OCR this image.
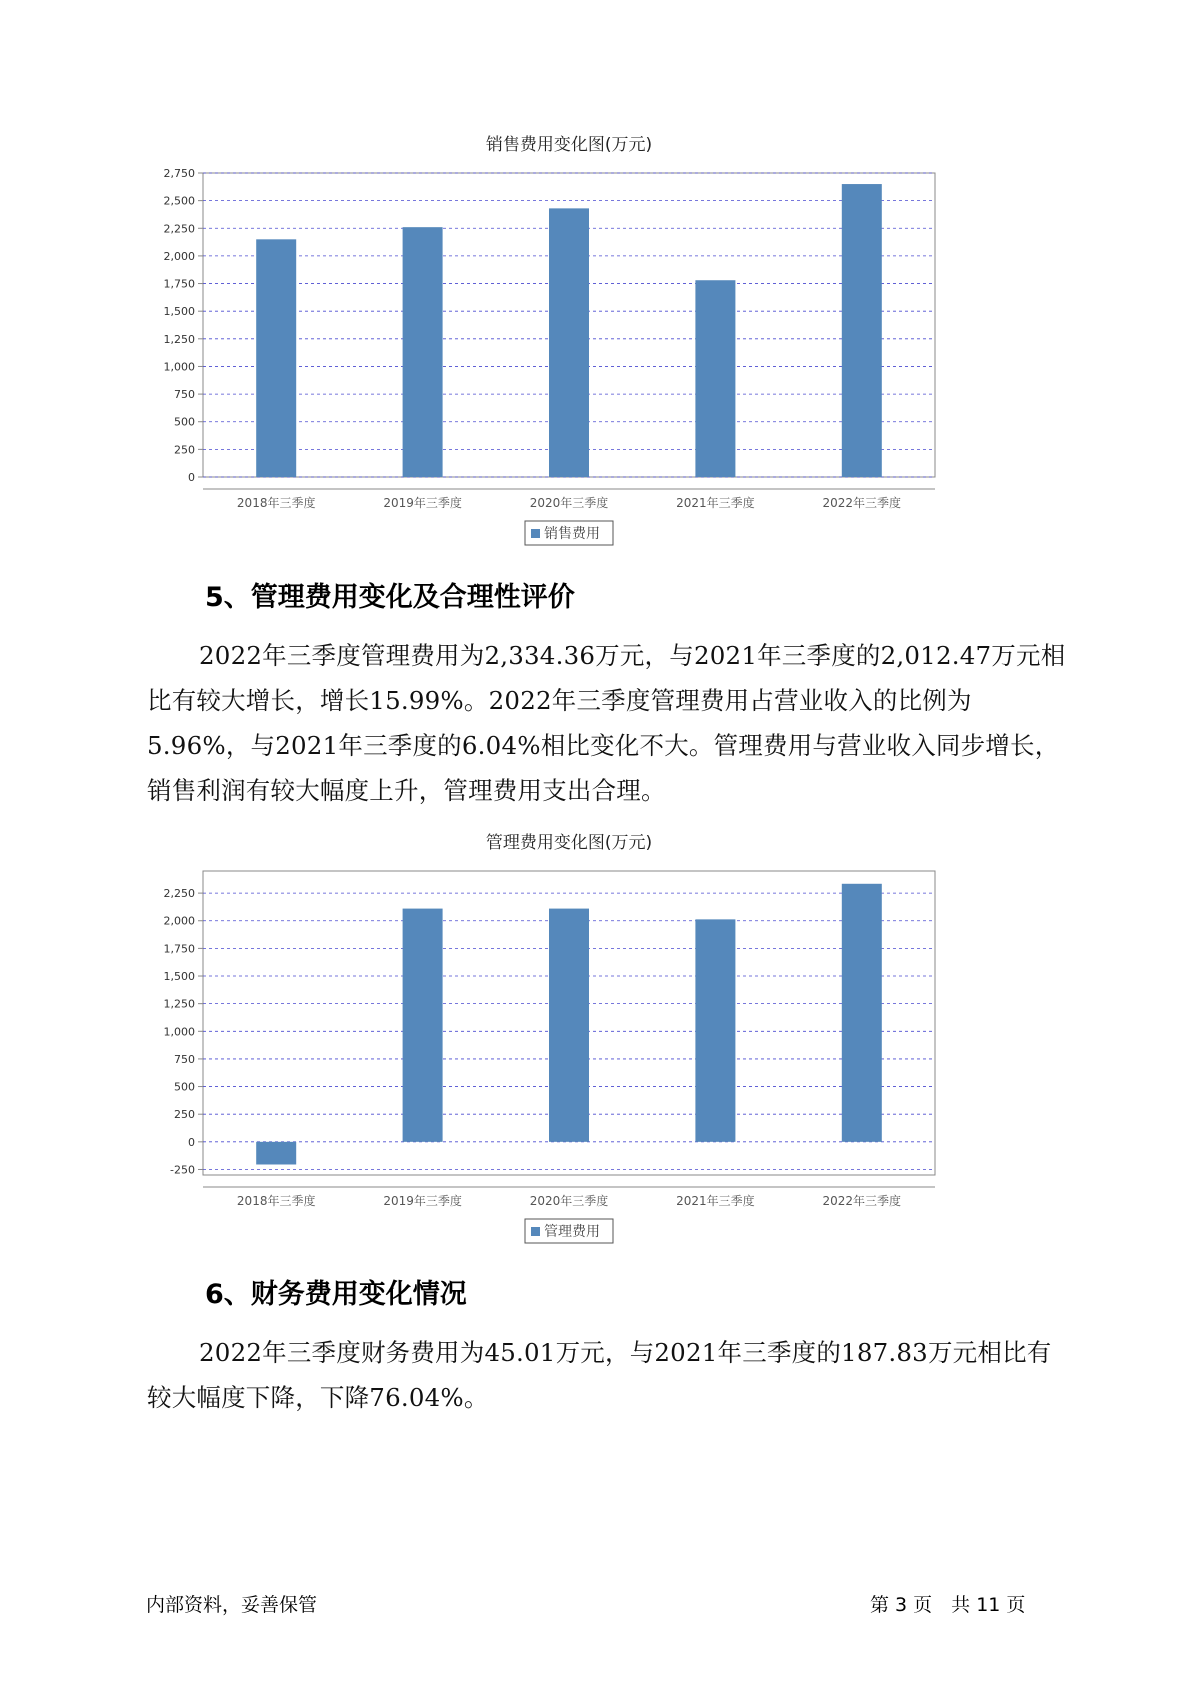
销售费用变化图(万元)
0
250
500
750
1,000
1,250
1,500
1,750
2,000
2,250
2,500
2,750
2018年三季度	2019年三季度	2020年三季度	2021年三季度	2022年三季度
销售费用
5、管理费用变化及合理性评价

2022年三季度管理费用为2,334.36万元，与2021年三季度的2,012.47万元相比有较大增长，增长15.99%。2022年三季度管理费用占营业收入的比例为5.96%，与2021年三季度的6.04%相比变化不大。管理费用与营业收入同步增长，销售利润有较大幅度上升，管理费用支出合理。

管理费用变化图(万元)
-250
0
250
500
750
1,000
1,250
1,500
1,750
2,000
2,250
2018年三季度	2019年三季度	2020年三季度	2021年三季度	2022年三季度
管理费用
6、财务费用变化情况

2022年三季度财务费用为45.01万元，与2021年三季度的187.83万元相比有较大幅度下降，下降76.04%。

内部资料，妥善保管	第 3 页　共 11 页
